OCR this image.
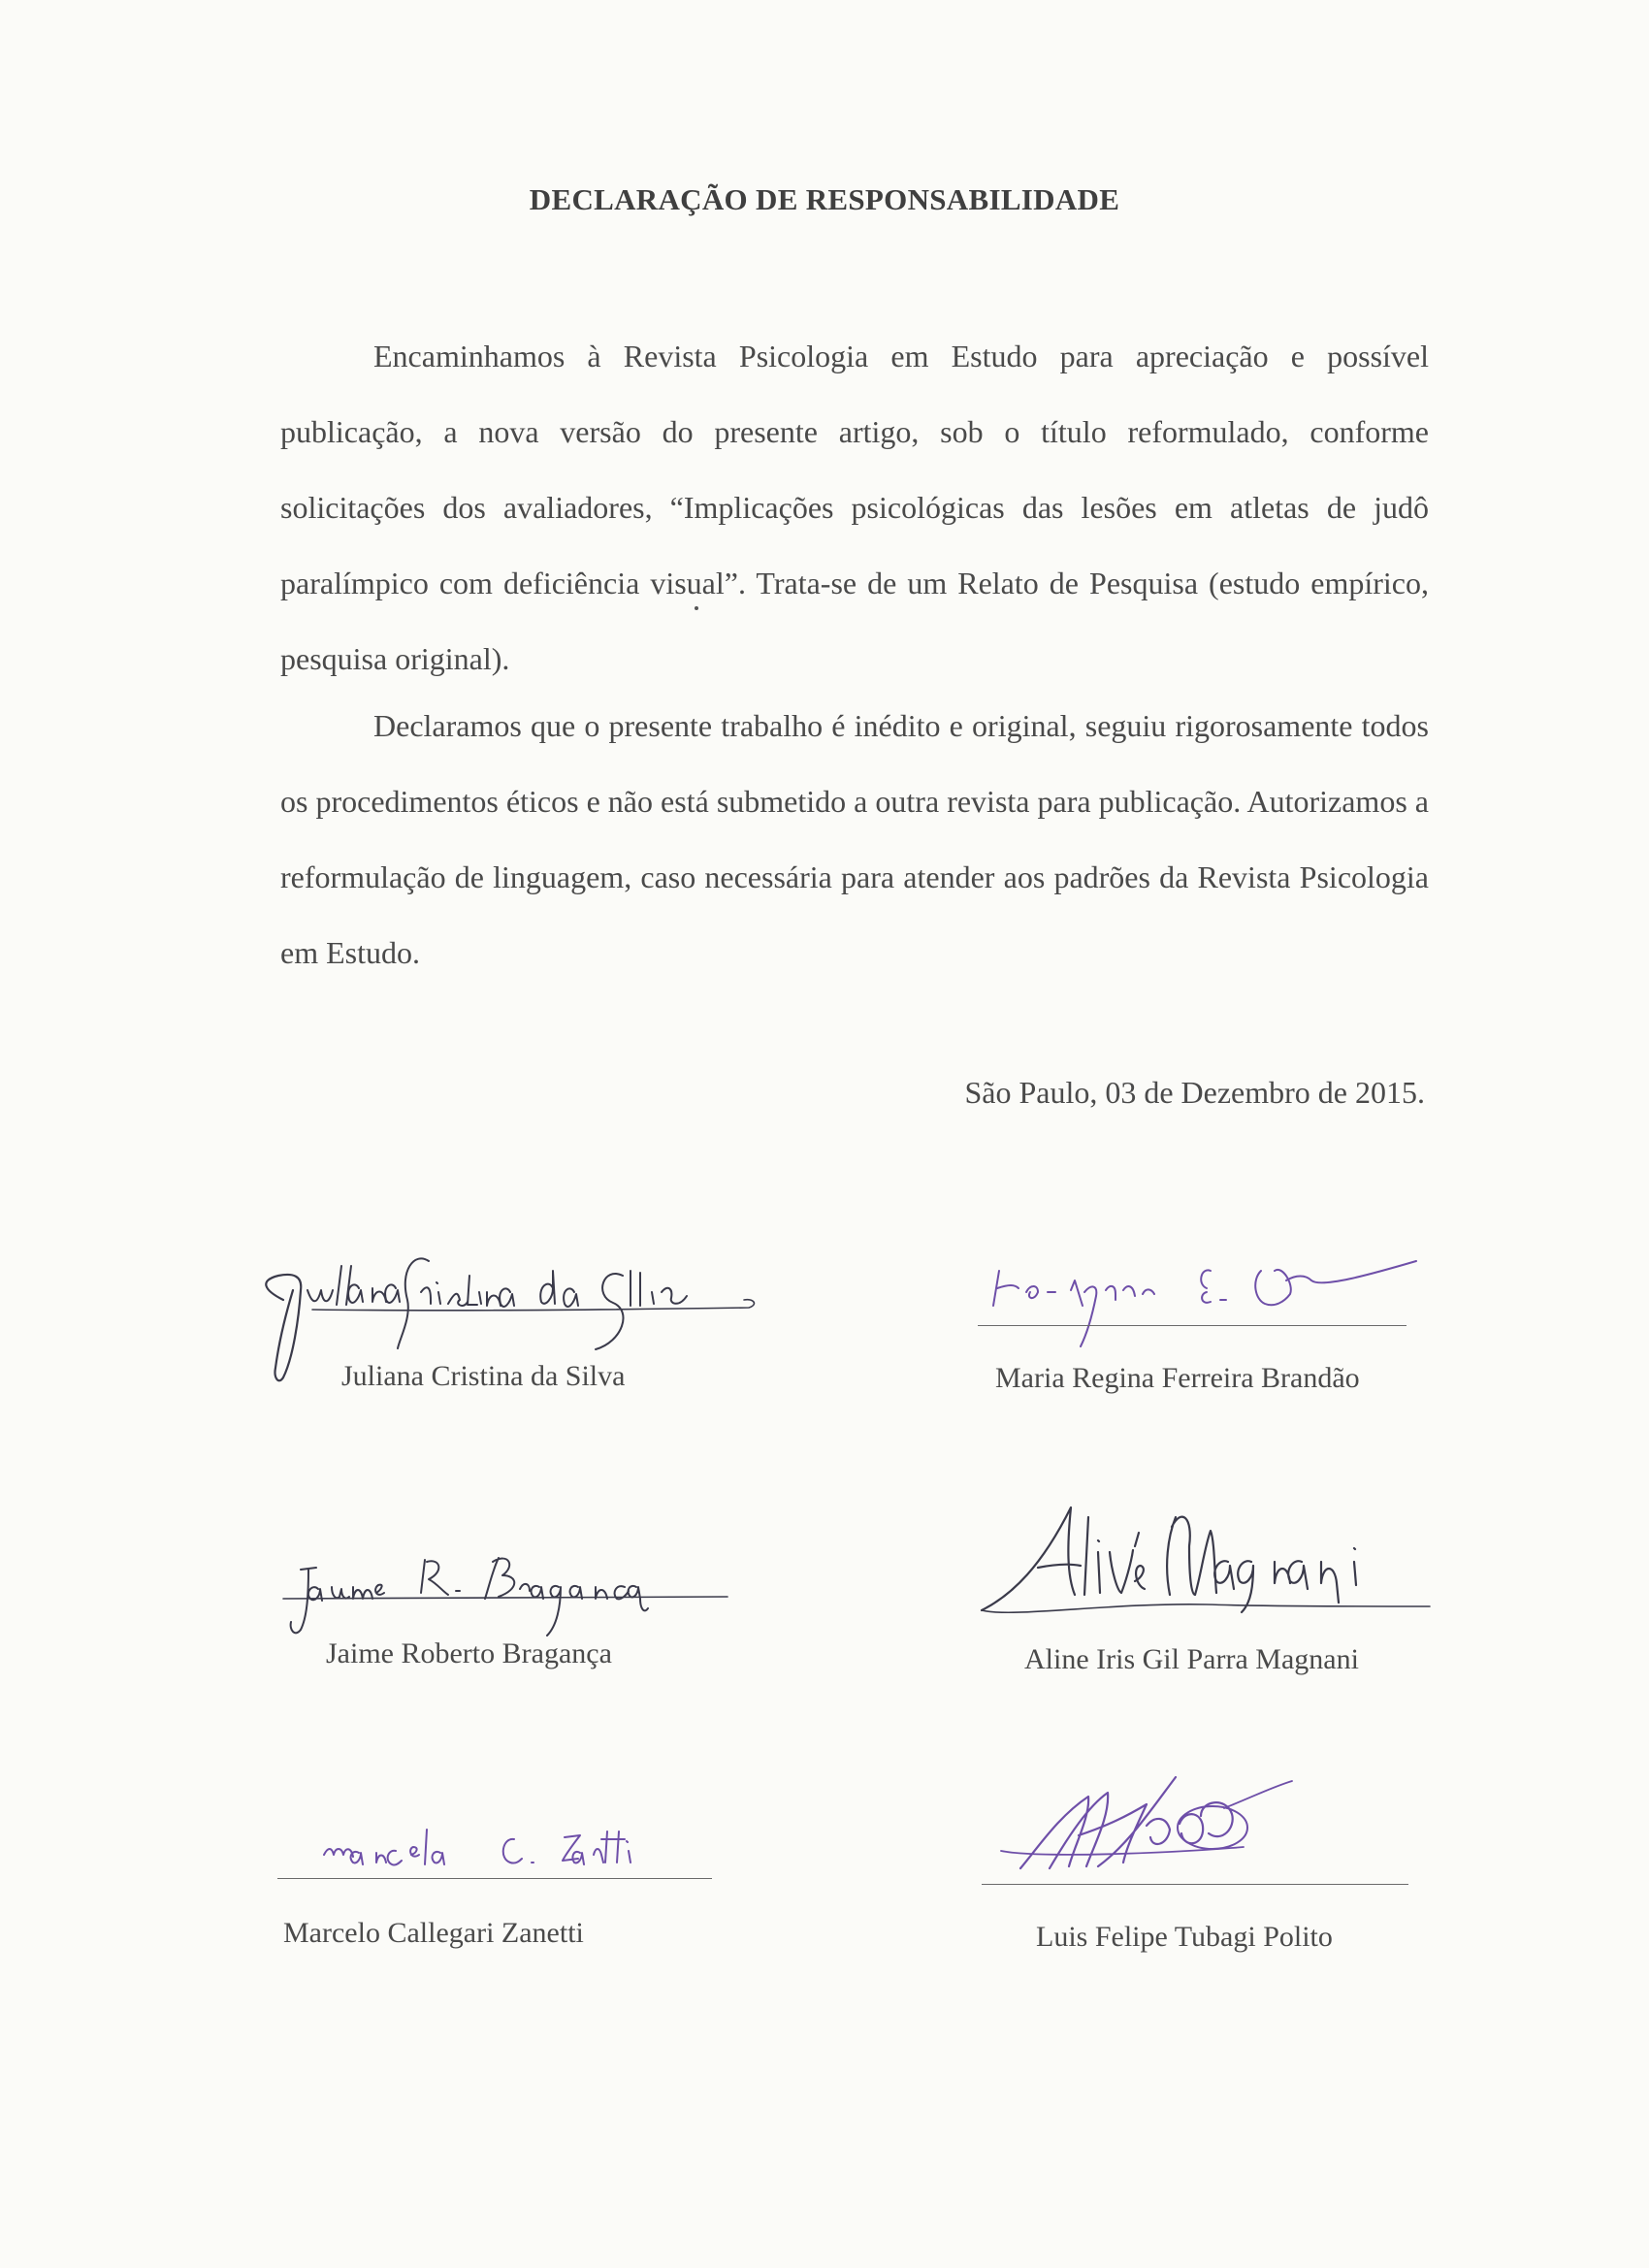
DECLARAÇÃO DE RESPONSABILIDADE
Encaminhamos à Revista Psicologia em Estudo para apreciação e possível publicação, a nova versão do presente artigo, sob o título reformulado, conforme solicitações dos avaliadores, “Implicações psicológicas das lesões em atletas de judô paralímpico com deficiência visual”. Trata-se de um Relato de Pesquisa (estudo empírico, pesquisa original).
Declaramos que o presente trabalho é inédito e original, seguiu rigorosamente todos os procedimentos éticos e não está submetido a outra revista para publicação. Autorizamos a reformulação de linguagem, caso necessária para atender aos padrões da Revista Psicologia em Estudo.
São Paulo, 03 de Dezembro de 2015.
Juliana Cristina da Silva	Maria Regina Ferreira Brandão
Jaime Roberto Bragança	Aline Iris Gil Parra Magnani
Marcelo Callegari Zanetti	Luis Felipe Tubagi Polito
